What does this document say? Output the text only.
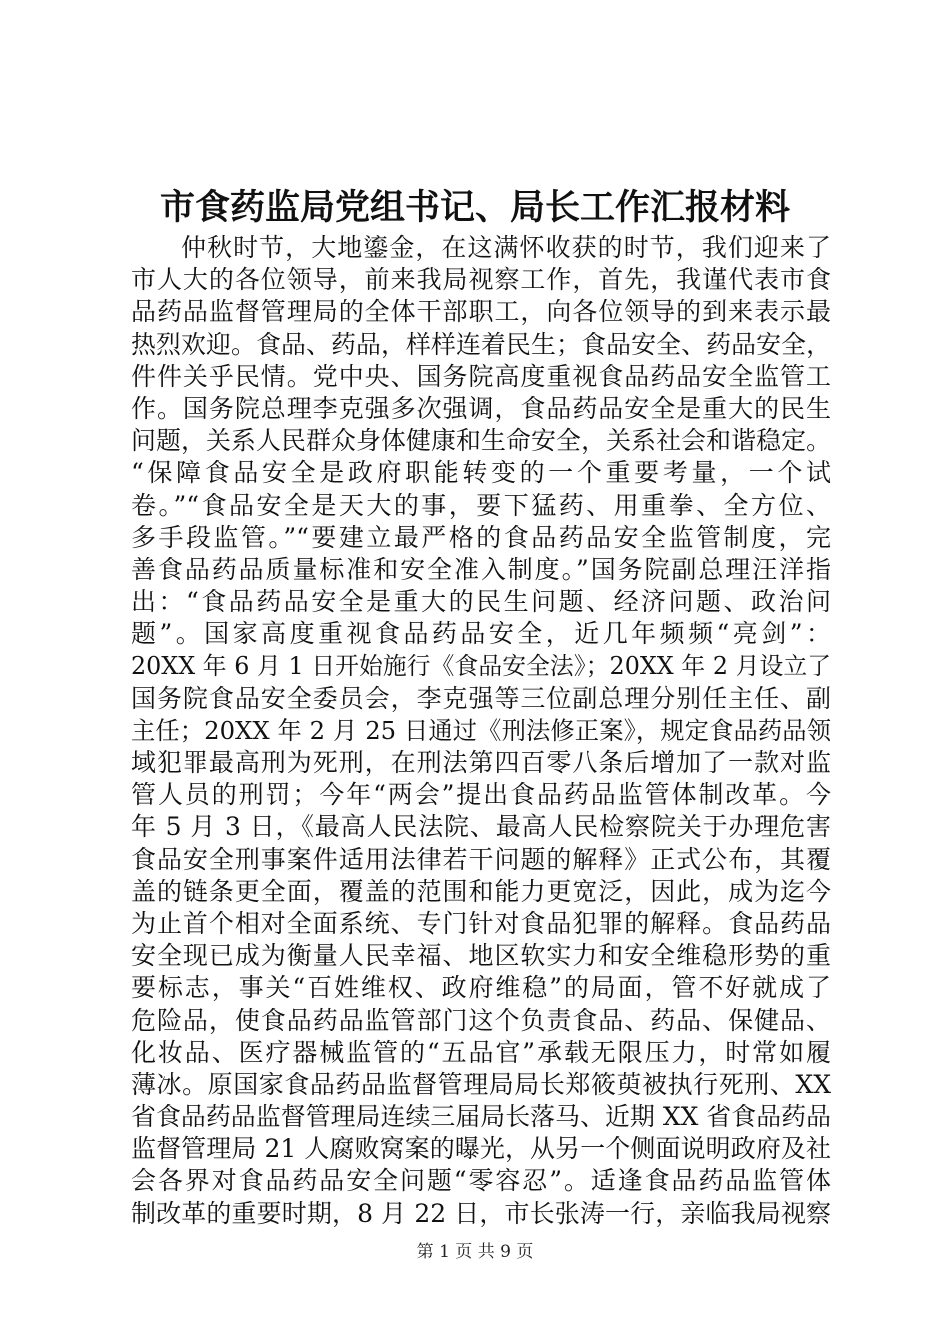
市食药监局党组书记、局长工作汇报材料
仲秋时节，大地鎏金，在这满怀收获的时节，我们迎来了
市人大的各位领导，前来我局视察工作，首先，我谨代表市食
品药品监督管理局的全体干部职工，向各位领导的到来表示最
热烈欢迎。食品、药品，样样连着民生；食品安全、药品安全，
件件关乎民情。党中央、国务院高度重视食品药品安全监管工
作。国务院总理李克强多次强调，食品药品安全是重大的民生
问题，关系人民群众身体健康和生命安全，关系社会和谐稳定。
“保障食品安全是政府职能转变的一个重要考量，一个试
卷。”“食品安全是天大的事，要下猛药、用重拳、全方位、
多手段监管。”“要建立最严格的食品药品安全监管制度，完
善食品药品质量标准和安全准入制度。”国务院副总理汪洋指
出：“食品药品安全是重大的民生问题、经济问题、政治问
题”。国家高度重视食品药品安全，近几年频频“亮剑”：
20XX 年 6 月 1 日开始施行《食品安全法》；20XX 年 2 月设立了
国务院食品安全委员会，李克强等三位副总理分别任主任、副
主任；20XX 年 2 月 25 日通过《刑法修正案》，规定食品药品领
域犯罪最高刑为死刑，在刑法第四百零八条后增加了一款对监
管人员的刑罚；今年“两会”提出食品药品监管体制改革。今
年 5 月 3 日，《最高人民法院、最高人民检察院关于办理危害
食品安全刑事案件适用法律若干问题的解释》正式公布，其覆
盖的链条更全面，覆盖的范围和能力更宽泛，因此，成为迄今
为止首个相对全面系统、专门针对食品犯罪的解释。食品药品
安全现已成为衡量人民幸福、地区软实力和安全维稳形势的重
要标志，事关“百姓维权、政府维稳”的局面，管不好就成了
危险品，使食品药品监管部门这个负责食品、药品、保健品、
化妆品、医疗器械监管的“五品官”承载无限压力，时常如履
薄冰。原国家食品药品监督管理局局长郑筱萸被执行死刑、XX
省食品药品监督管理局连续三届局长落马、近期 XX 省食品药品
监督管理局 21 人腐败窝案的曝光，从另一个侧面说明政府及社
会各界对食品药品安全问题“零容忍”。适逢食品药品监管体
制改革的重要时期，8 月 22 日，市长张涛一行，亲临我局视察
第 1 页 共 9 页
